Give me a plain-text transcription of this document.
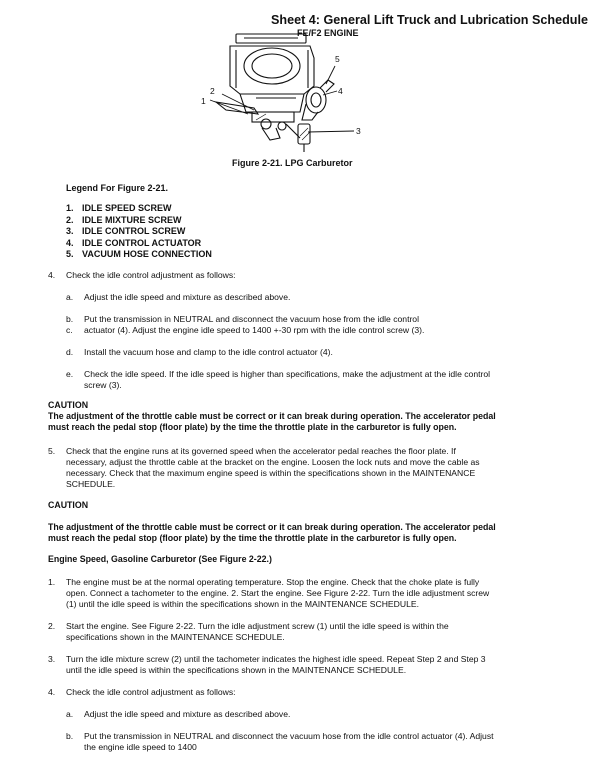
Sheet 4: General Lift Truck and Lubrication Schedule
FE/F2 ENGINE
5
4
2
1
3
Figure 2-21. LPG Carburetor
Legend For Figure 2-21.
1. IDLE SPEED SCREW
2. IDLE MIXTURE SCREW
3. IDLE CONTROL SCREW
4. IDLE CONTROL ACTUATOR
5. VACUUM HOSE CONNECTION
4. Check the idle control adjustment as follows:
a. Adjust the idle speed and mixture as described above.
b. Put the transmission in NEUTRAL and disconnect the vacuum hose from the idle control
c. actuator (4). Adjust the engine idle speed to 1400 +-30 rpm with the idle control screw (3).
d. Install the vacuum hose and clamp to the idle control actuator (4).
e. Check the idle speed. If the idle speed is higher than specifications, make the adjustment at the idle control
screw (3).
CAUTION
The adjustment of the throttle cable must be correct or it can break during operation. The accelerator pedal
must reach the pedal stop (floor plate) by the time the throttle plate in the carburetor is fully open.
5. Check that the engine runs at its governed speed when the accelerator pedal reaches the floor plate. If
necessary, adjust the throttle cable at the bracket on the engine. Loosen the lock nuts and move the cable as
necessary. Check that the maximum engine speed is within the specifications shown in the MAINTENANCE
SCHEDULE.
CAUTION
The adjustment of the throttle cable must be correct or it can break during operation. The accelerator pedal
must reach the pedal stop (floor plate) by the time the throttle plate in the carburetor is fully open.
Engine Speed, Gasoline Carburetor (See Figure 2-22.)
1. The engine must be at the normal operating temperature. Stop the engine. Check that the choke plate is fully
open. Connect a tachometer to the engine. 2. Start the engine. See Figure 2-22. Turn the idle adjustment screw
(1) until the idle speed is within the specifications shown in the MAINTENANCE SCHEDULE.
2. Start the engine. See Figure 2-22. Turn the idle adjustment screw (1) until the idle speed is within the
specifications shown in the MAINTENANCE SCHEDULE.
3. Turn the idle mixture screw (2) until the tachometer indicates the highest idle speed. Repeat Step 2 and Step 3
until the idle speed is within the specifications shown in the MAINTENANCE SCHEDULE.
4. Check the idle control adjustment as follows:
a. Adjust the idle speed and mixture as described above.
b. Put the transmission in NEUTRAL and disconnect the vacuum hose from the idle control actuator (4). Adjust
the engine idle speed to 1400
